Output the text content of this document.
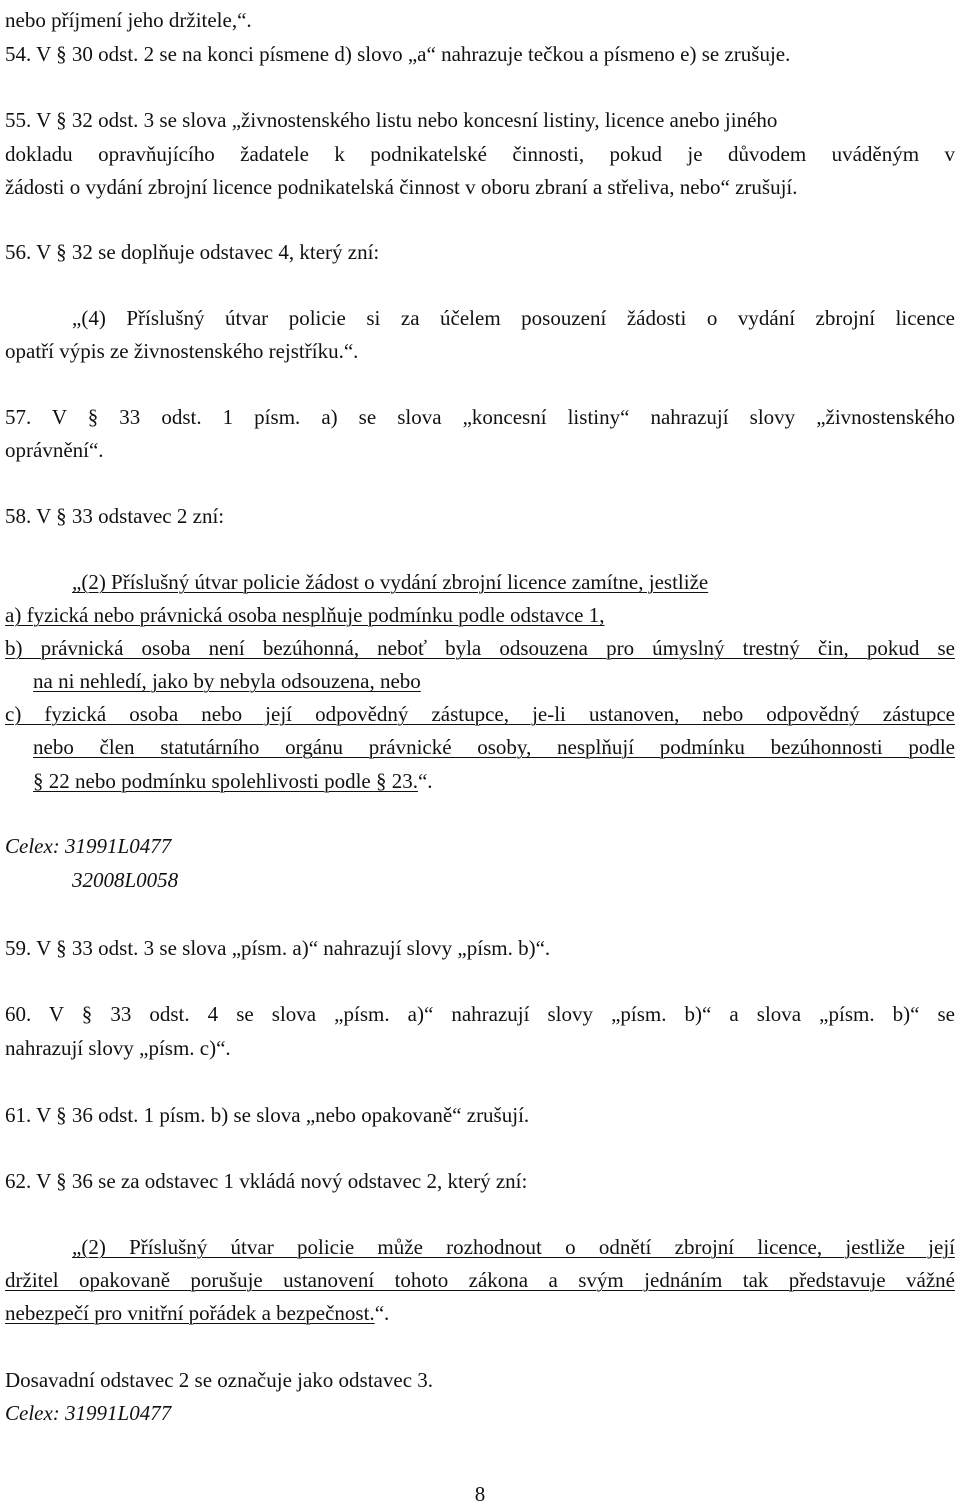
nebo příjmení jeho držitele,“.
54. V § 30 odst. 2 se na konci písmene d) slovo „a“ nahrazuje tečkou a písmeno e) se zrušuje.
55. V § 32 odst. 3 se slova „živnostenského listu nebo koncesní listiny, licence anebo jiného
dokladu opravňujícího žadatele k podnikatelské činnosti, pokud je důvodem uváděným v
žádosti o vydání zbrojní licence podnikatelská činnost v oboru zbraní a střeliva, nebo“ zrušují.
56. V § 32 se doplňuje odstavec 4, který zní:
„(4) Příslušný útvar policie si za účelem posouzení žádosti o vydání zbrojní licence
opatří výpis ze živnostenského rejstříku.“.
57. V § 33 odst. 1 písm. a) se slova „koncesní listiny“ nahrazují slovy „živnostenského
oprávnění“.
58. V § 33 odstavec 2 zní:
„(2) Příslušný útvar policie žádost o vydání zbrojní licence zamítne, jestliže
a) fyzická nebo právnická osoba nesplňuje podmínku podle odstavce 1,
b) právnická osoba není bezúhonná, neboť byla odsouzena pro úmyslný trestný čin, pokud se
na ni nehledí, jako by nebyla odsouzena, nebo
c) fyzická osoba nebo její odpovědný zástupce, je-li ustanoven, nebo odpovědný zástupce
nebo člen statutárního orgánu právnické osoby, nesplňují podmínku bezúhonnosti podle
§ 22 nebo podmínku spolehlivosti podle § 23.“.
Celex: 31991L0477
32008L0058
59. V § 33 odst. 3 se slova „písm. a)“ nahrazují slovy „písm. b)“.
60. V § 33 odst. 4 se slova „písm. a)“ nahrazují slovy „písm. b)“ a slova „písm. b)“ se
nahrazují slovy „písm. c)“.
61. V § 36 odst. 1 písm. b) se slova „nebo opakovaně“ zrušují.
62. V § 36 se za odstavec 1 vkládá nový odstavec 2, který zní:
„(2) Příslušný útvar policie může rozhodnout o odnětí zbrojní licence, jestliže její
držitel opakovaně porušuje ustanovení tohoto zákona a svým jednáním tak představuje vážné
nebezpečí pro vnitřní pořádek a bezpečnost.“.
Dosavadní odstavec 2 se označuje jako odstavec 3.
Celex: 31991L0477
8
